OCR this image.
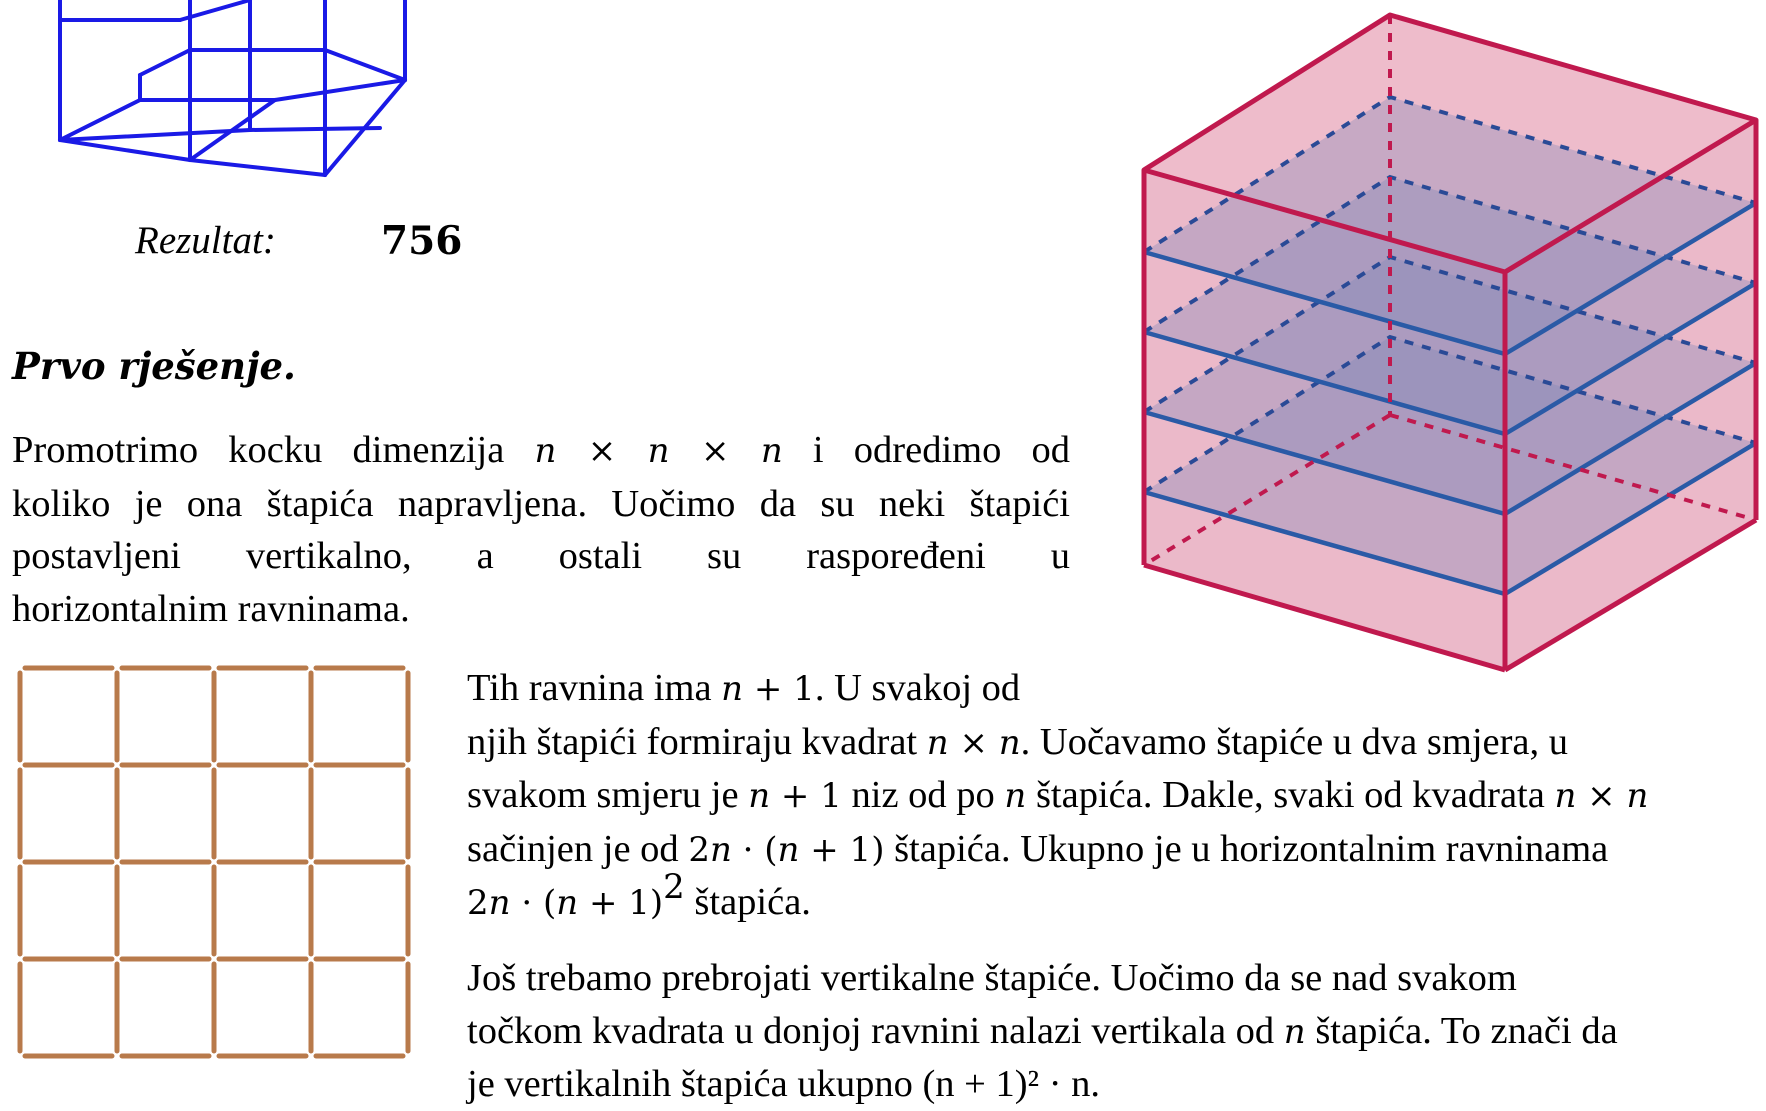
Rezultat:	756
Prvo rješenje.
Promotrimo kocku dimenzija n × n × n i odredimo od
koliko je ona štapića napravljena. Uočimo da su neki štapići
postavljeni vertikalno, a ostali su raspoređeni u
horizontalnim ravninama.
Tih ravnina ima n + 1. U svakoj od
njih štapići formiraju kvadrat n × n. Uočavamo štapiće u dva smjera, u
svakom smjeru je n + 1 niz od po n štapića. Dakle, svaki od kvadrata n × n
sačinjen je od 2n · (n + 1) štapića. Ukupno je u horizontalnim ravninama
$2n \cdot (n + 1)^2$ štapića.
Još trebamo prebrojati vertikalne štapiće. Uočimo da se nad svakom
točkom kvadrata u donjoj ravnini nalazi vertikala od n štapića. To znači da
je vertikalnih štapića ukupno (n + 1)² · n.
